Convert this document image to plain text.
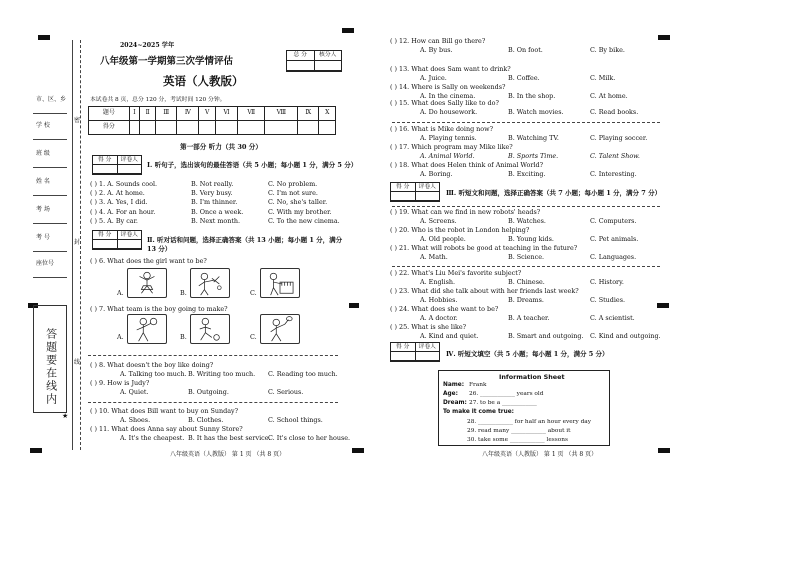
密
封
线
市、区、乡
学 校
班 级
姓 名
考 场
考 号
座位号
答题要在线内
2024~2025 学年
八年级第一学期第三次学情评估
英语（人教版）
总 分	核分人
本试卷共 8 页，总分 120 分，考试时间 120 分钟。
题号	Ⅰ	Ⅱ	Ⅲ	Ⅳ	Ⅴ	Ⅵ	Ⅶ	Ⅷ	Ⅸ	Ⅹ
得分										
第一部分 听力（共 30 分）
得 分	评卷人
Ⅰ. 听句子，选出该句的最佳答语（共 5 小题；每小题 1 分，满分 5 分）
( ) 1. A. Sounds cool.	B. Not really.	C. No problem.
( ) 2. A. At home.	B. Very busy.	C. I'm not sure.
( ) 3. A. Yes, I did.	B. I'm thinner.	C. No, she's taller.
( ) 4. A. For an hour.	B. Once a week.	C. With my brother.
( ) 5. A. By car.	B. Next month.	C. To the new cinema.
得 分	评卷人
Ⅱ. 听对话和问题，选择正确答案（共 13 小题；每小题 1 分，满分
13 分）
( ) 6. What does the girl want to be?
A.	B.	C.
( ) 7. What team is the boy going to make?
A.	B.	C.
( ) 8. What doesn't the boy like doing?
A. Talking too much. B. Writing too much. C. Reading too much.
( ) 9. How is Judy?
A. Quiet.	B. Outgoing.	C. Serious.
( ) 10. What does Bill want to buy on Sunday?
A. Shoes.	B. Clothes.	C. School things.
( ) 11. What does Anna say about Sunny Store?
A. It's the cheapest. B. It has the best service.
C. It's close to her house.
( ) 12. How can Bill go there?
A. By bus.	B. On foot.	C. By bike.
( ) 13. What does Sam want to drink?
A. Juice.	B. Coffee.	C. Milk.
( ) 14. Where is Sally on weekends?
A. In the cinema.	B. In the shop.	C. At home.
( ) 15. What does Sally like to do?
A. Do housework.	B. Watch movies.	C. Read books.
( ) 16. What is Mike doing now?
A. Playing tennis.	B. Watching TV.	C. Playing soccer.
( ) 17. Which program may Mike like?
A. Animal World.	B. Sports Time.	C. Talent Show.
( ) 18. What does Helen think of Animal World?
A. Boring.	B. Exciting.	C. Interesting.
( ) 19. What can we find in new robots' heads?
A. Screens.	B. Watches.	C. Computers.
( ) 20. Who is the robot in London helping?
A. Old people.	B. Young kids.	C. Pet animals.
( ) 21. What will robots be good at teaching in the future?
A. Math.	B. Science.	C. Languages.
( ) 22. What's Liu Mei's favorite subject?
A. English.	B. Chinese.	C. History.
( ) 23. What did she talk about with her friends last week?
A. Hobbies.	B. Dreams.	C. Studies.
( ) 24. What does she want to be?
A. A doctor.	B. A teacher.	C. A scientist.
( ) 25. What is she like?
A. Kind and quiet.	B. Smart and outgoing. C. Kind and outgoing.
得 分	评卷人
Ⅲ. 听短文和问题，选择正确答案（共 7 小题；每小题 1 分，满分 7 分）
得 分	评卷人
Ⅳ. 听短文填空（共 5 小题；每小题 1 分，满分 5 分）
Information Sheet
Name: Frank
Age: 26. ____________ years old
Dream: 27. to be a ____________
To make it come true:
28. ____________ for half an hour every day
29. read many ____________ about it
30. take some ____________ lessons
八年级英语（人教版） 第 1 页 （共 8 页）	八年级英语（人教版） 第 1 页 （共 8 页）
★
